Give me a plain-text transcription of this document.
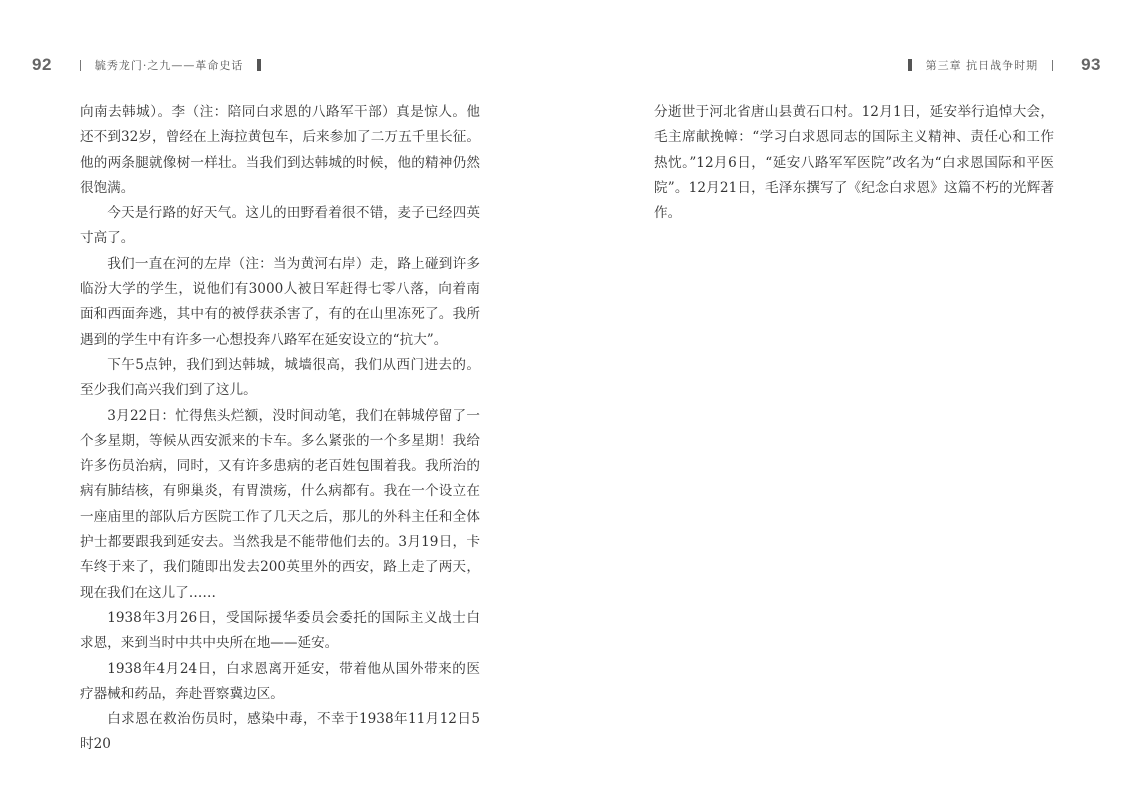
92	毓秀龙门·之九——革命史话	第三章 抗日战争时期	93

向南去韩城）。李（注：陪同白求恩的八路军干部）真是惊人。他还不到32岁，曾经在上海拉黄包车，后来参加了二万五千里长征。他的两条腿就像树一样壮。当我们到达韩城的时候，他的精神仍然很饱满。

今天是行路的好天气。这儿的田野看着很不错，麦子已经四英寸高了。

我们一直在河的左岸（注：当为黄河右岸）走，路上碰到许多临汾大学的学生，说他们有3000人被日军赶得七零八落，向着南面和西面奔逃，其中有的被俘获杀害了，有的在山里冻死了。我所遇到的学生中有许多一心想投奔八路军在延安设立的“抗大”。

下午5点钟，我们到达韩城，城墙很高，我们从西门进去的。至少我们高兴我们到了这儿。

3月22日：忙得焦头烂额，没时间动笔，我们在韩城停留了一个多星期，等候从西安派来的卡车。多么紧张的一个多星期！我给许多伤员治病，同时，又有许多患病的老百姓包围着我。我所治的病有肺结核，有卵巢炎，有胃溃疡，什么病都有。我在一个设立在一座庙里的部队后方医院工作了几天之后，那儿的外科主任和全体护士都要跟我到延安去。当然我是不能带他们去的。3月19日，卡车终于来了，我们随即出发去200英里外的西安，路上走了两天，现在我们在这儿了……

1938年3月26日，受国际援华委员会委托的国际主义战士白求恩，来到当时中共中央所在地——延安。

1938年4月24日，白求恩离开延安，带着他从国外带来的医疗器械和药品，奔赴晋察冀边区。

白求恩在救治伤员时，感染中毒，不幸于1938年11月12日5时20

分逝世于河北省唐山县黄石口村。12月1日，延安举行追悼大会，毛主席献挽幛：“学习白求恩同志的国际主义精神、责任心和工作热忱。”12月6日，“延安八路军军医院”改名为“白求恩国际和平医院”。12月21日，毛泽东撰写了《纪念白求恩》这篇不朽的光辉著作。
